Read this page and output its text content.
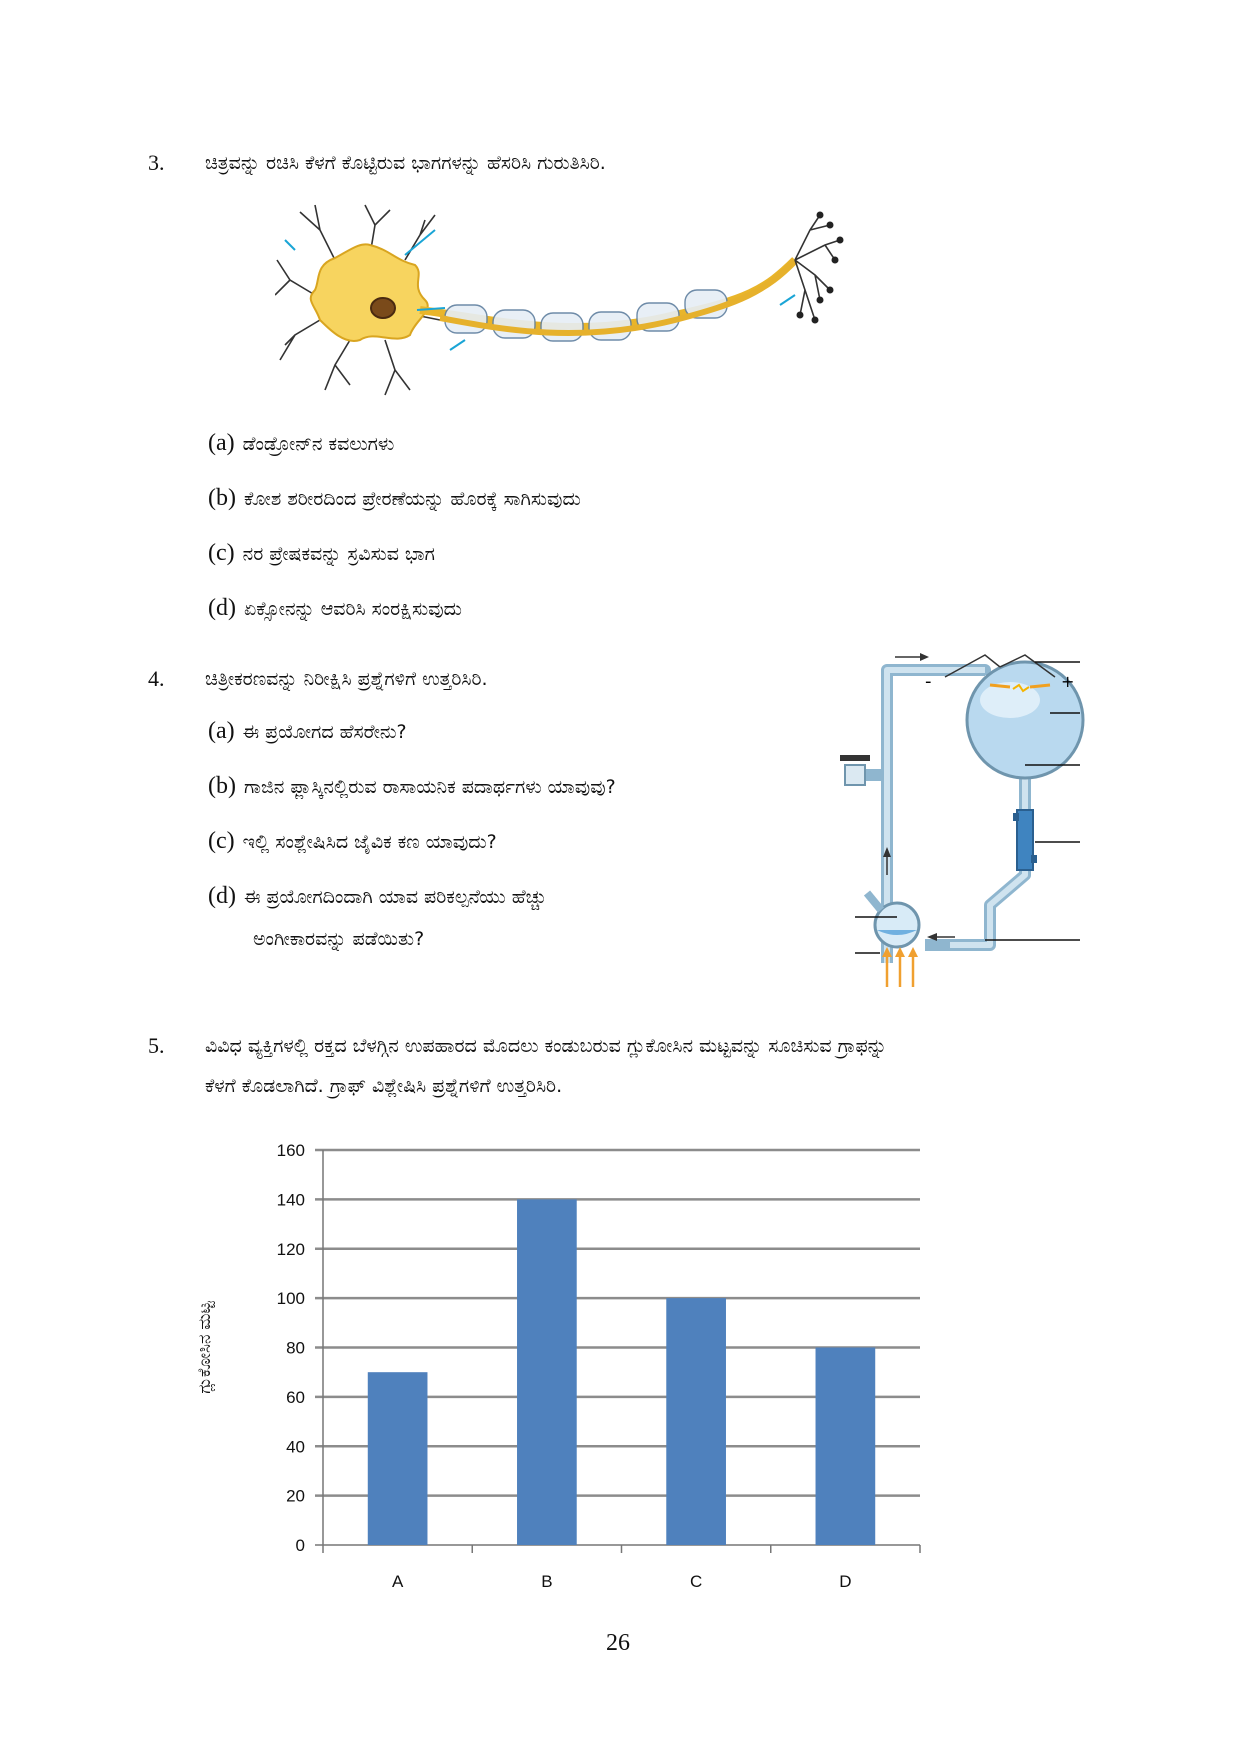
3. ಚಿತ್ರವನ್ನು ರಚಿಸಿ ಕೆಳಗೆ ಕೊಟ್ಟಿರುವ ಭಾಗಗಳನ್ನು ಹೆಸರಿಸಿ ಗುರುತಿಸಿರಿ.
(a) ಡೆಂಡ್ರೋನ್‌ನ ಕವಲುಗಳು
(b) ಕೋಶ ಶರೀರದಿಂದ ಪ್ರೇರಣೆಯನ್ನು ಹೊರಕ್ಕೆ ಸಾಗಿಸುವುದು
(c) ನರ ಪ್ರೇಷಕವನ್ನು ಸ್ರವಿಸುವ ಭಾಗ
(d) ಏಕ್ಸೋನನ್ನು ಆವರಿಸಿ ಸಂರಕ್ಷಿಸುವುದು
4. ಚಿತ್ರೀಕರಣವನ್ನು ನಿರೀಕ್ಷಿಸಿ ಪ್ರಶ್ನೆಗಳಿಗೆ ಉತ್ತರಿಸಿರಿ.
(a) ಈ ಪ್ರಯೋಗದ ಹೆಸರೇನು?
(b) ಗಾಜಿನ ಫ್ಲಾಸ್ಕಿನಲ್ಲಿರುವ ರಾಸಾಯನಿಕ ಪದಾರ್ಥಗಳು ಯಾವುವು?
(c) ಇಲ್ಲಿ ಸಂಶ್ಲೇಷಿಸಿದ ಜೈವಿಕ ಕಣ ಯಾವುದು?
(d) ಈ ಪ್ರಯೋಗದಿಂದಾಗಿ ಯಾವ ಪರಿಕಲ್ಪನೆಯು ಹೆಚ್ಚು
ಅಂಗೀಕಾರವನ್ನು ಪಡೆಯಿತು?
-	+
5. ವಿವಿಧ ವ್ಯಕ್ತಿಗಳಲ್ಲಿ ರಕ್ತದ ಬೆಳಗ್ಗಿನ ಉಪಹಾರದ ಮೊದಲು ಕಂಡುಬರುವ ಗ್ಲುಕೋಸಿನ ಮಟ್ಟವನ್ನು ಸೂಚಿಸುವ ಗ್ರಾಫನ್ನು
ಕೆಳಗೆ ಕೊಡಲಾಗಿದೆ. ಗ್ರಾಫ್ ವಿಶ್ಲೇಷಿಸಿ ಪ್ರಶ್ನೆಗಳಿಗೆ ಉತ್ತರಿಸಿರಿ.
0
20
40
60
80
100
120
140
160
A	B	C	D
ಗ್ಲುಕೋಸಿನ ಮಟ್ಟ
26
